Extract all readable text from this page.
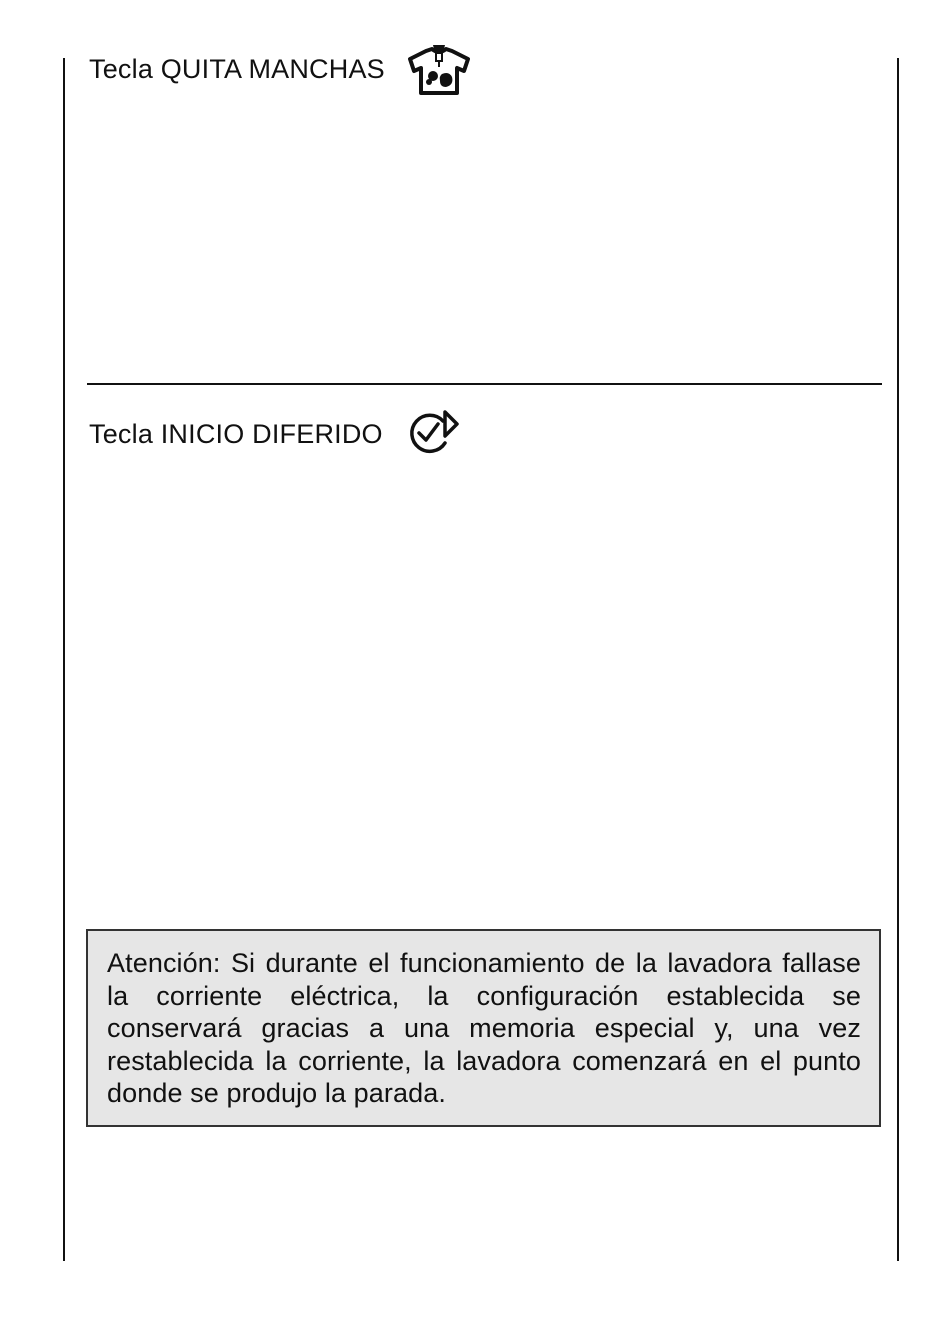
Tecla QUITA MANCHAS
Tecla INICIO DIFERIDO

Atención: Si durante el funcionamiento de la lavadora fallase la corriente eléctrica, la configuración establecida se conservará gracias a una memoria especial y, una vez restablecida la corriente, la lavadora comenzará en el punto donde se produjo la parada.
